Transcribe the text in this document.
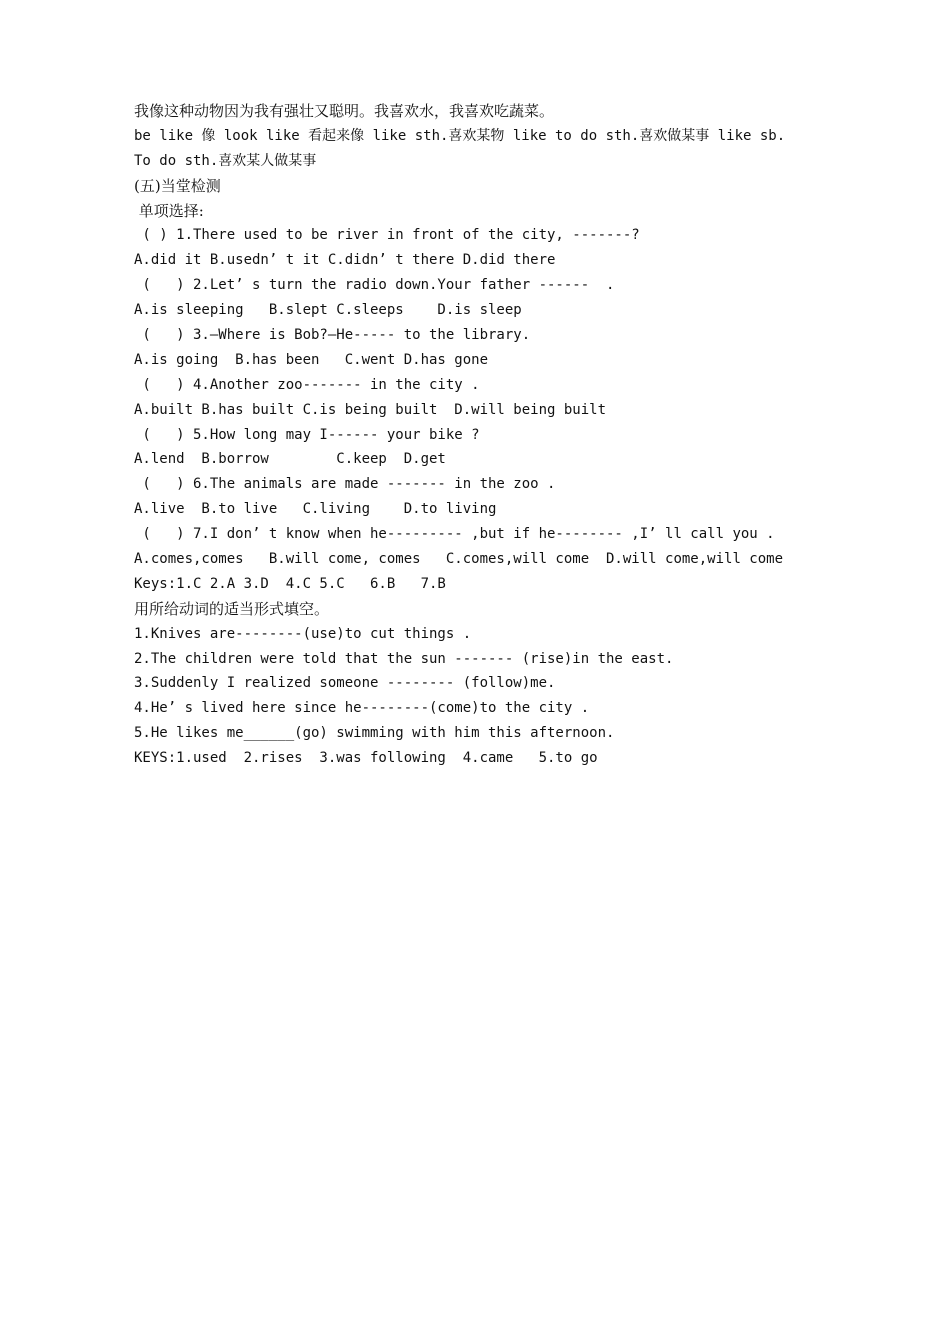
我像这种动物因为我有强壮又聪明。我喜欢水，我喜欢吃蔬菜。
be like 像 look like 看起来像 like sth.喜欢某物 like to do sth.喜欢做某事 like sb.
To do sth.喜欢某人做某事
(五)当堂检测
单项选择:
( ) 1.There used to be river in front of the city, -------?
A.did it B.usedn’ t it C.didn’ t there D.did there
(   ) 2.Let’ s turn the radio down.Your father ------  .
A.is sleeping   B.slept C.sleeps    D.is sleep
(   ) 3.—Where is Bob?—He----- to the library.
A.is going  B.has been   C.went D.has gone
(   ) 4.Another zoo------- in the city .
A.built B.has built C.is being built  D.will being built
(   ) 5.How long may I------ your bike ?
A.lend  B.borrow        C.keep  D.get
(   ) 6.The animals are made ------- in the zoo .
A.live  B.to live   C.living    D.to living
(   ) 7.I don’ t know when he--------- ,but if he-------- ,I’ ll call you .
A.comes,comes   B.will come, comes   C.comes,will come  D.will come,will come
Keys:1.C 2.A 3.D  4.C 5.C   6.B   7.B
用所给动词的适当形式填空。
1.Knives are--------(use)to cut things .
2.The children were told that the sun ------- (rise)in the east.
3.Suddenly I realized someone -------- (follow)me.
4.He’ s lived here since he--------(come)to the city .
5.He likes me______(go) swimming with him this afternoon.
KEYS:1.used  2.rises  3.was following  4.came   5.to go
